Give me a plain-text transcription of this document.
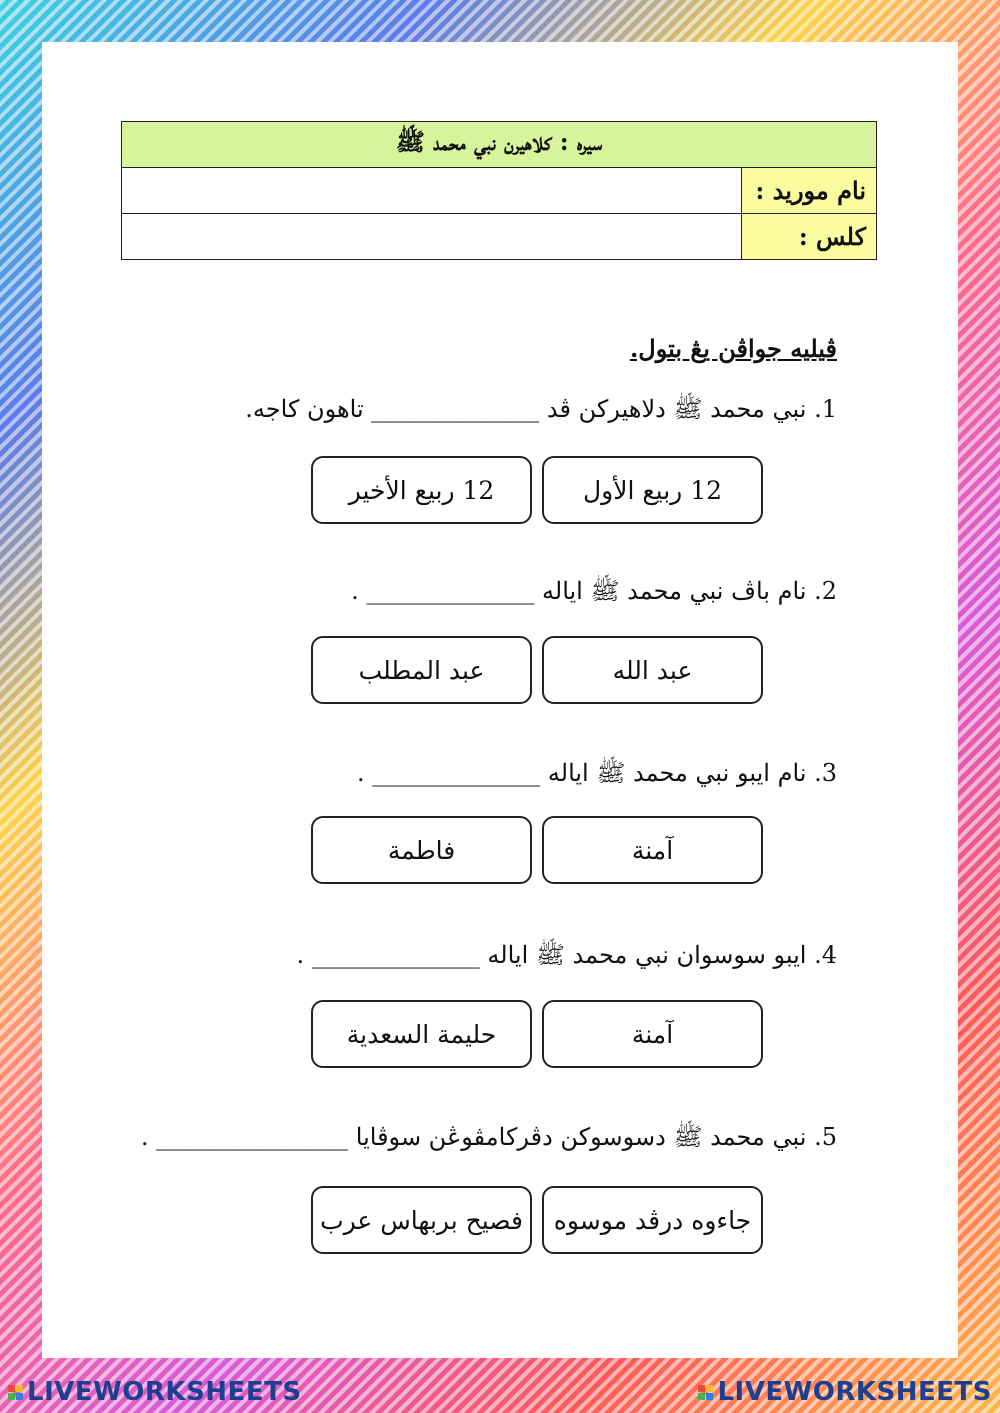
سيره : كلاهيرن نبي محمد ﷺ	
نام موريد :	
كلس :	
ڤيليه جواڤن يڠ بتول.
1. نبي محمد ﷺ دلاهيركن ڤد ______________ تاهون كاجه.
12 ربيع الأول
12 ربيع الأخير
2. نام باڤ نبي محمد ﷺ اياله ______________ .
عبد الله
عبد المطلب
3. نام ايبو نبي محمد ﷺ اياله ______________ .
آمنة
فاطمة
4. ايبو سوسوان نبي محمد ﷺ اياله ______________ .
آمنة
حليمة السعدية
5. نبي محمد ﷺ دسوسوكن دڤركامڤوڠن سوڤايا ________________ .
جاءوه درڤد موسوه
فصيح بربهاس عرب
LIVEWORKSHEETS	LIVEWORKSHEETS
